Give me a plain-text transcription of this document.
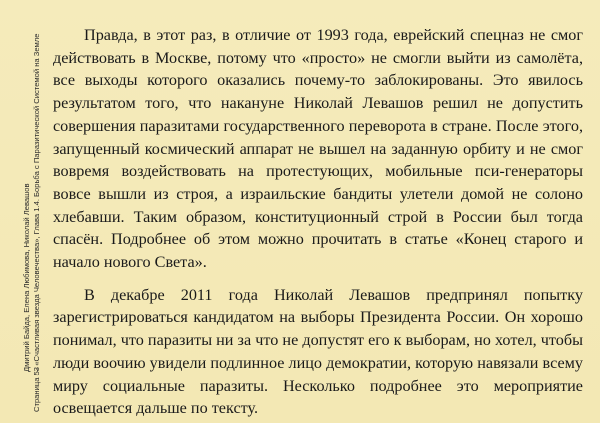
Дмитрий Байда, Елена Любимова, Николай Левашов
Страница 53– «Счастливая звезда Человечества», Глава 1.4. Борьба с Паразитической Системой на Земле	Правда, в этот раз, в отличие от 1993 года, еврейский спецназ не смог действовать в Москве, потому что «просто» не смогли выйти из самолёта, все выходы которого оказались почему-то заблокированы. Это явилось результатом того, что накануне Николай Левашов решил не допустить совершения паразитами государственного переворота в стране. После этого, запущенный космический аппарат не вышел на заданную орбиту и не смог вовремя воздействовать на протестующих, мобильные пси-генераторы вовсе вышли из строя, а израильские бандиты улетели домой не солоно хлебавши. Таким образом, конституционный строй в России был тогда спасён. Подробнее об этом можно прочитать в статье «Конец старого и начало нового Света».

В декабре 2011 года Николай Левашов предпринял попытку зарегистрироваться кандидатом на выборы Президента России. Он хорошо понимал, что паразиты ни за что не допустят его к выборам, но хотел, чтобы люди воочию увидели подлинное лицо демократии, которую навязали всему миру социальные паразиты. Несколько подробнее это мероприятие освещается дальше по тексту.
